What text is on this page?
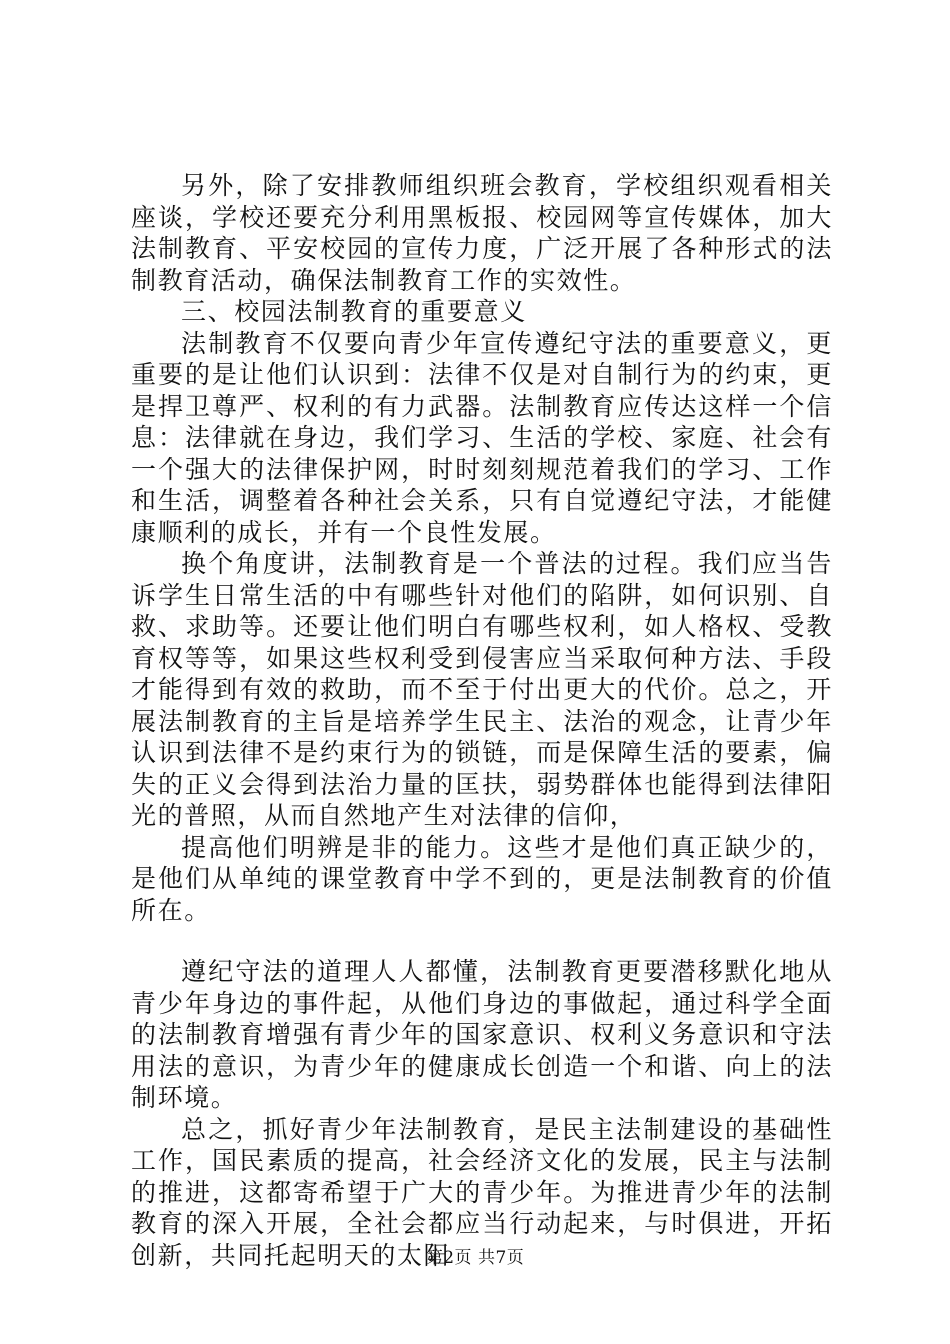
另外，除了安排教师组织班会教育，学校组织观看相关座谈，学校还要充分利用黑板报、校园网等宣传媒体，加大法制教育、平安校园的宣传力度，广泛开展了各种形式的法制教育活动，确保法制教育工作的实效性。

三、校园法制教育的重要意义

法制教育不仅要向青少年宣传遵纪守法的重要意义，更重要的是让他们认识到：法律不仅是对自制行为的约束，更是捍卫尊严、权利的有力武器。法制教育应传达这样一个信息：法律就在身边，我们学习、生活的学校、家庭、社会有一个强大的法律保护网，时时刻刻规范着我们的学习、工作和生活，调整着各种社会关系，只有自觉遵纪守法，才能健康顺利的成长，并有一个良性发展。

换个角度讲，法制教育是一个普法的过程。我们应当告诉学生日常生活的中有哪些针对他们的陷阱，如何识别、自救、求助等。还要让他们明白有哪些权利，如人格权、受教育权等等，如果这些权利受到侵害应当采取何种方法、手段才能得到有效的救助，而不至于付出更大的代价。总之，开展法制教育的主旨是培养学生民主、法治的观念，让青少年认识到法律不是约束行为的锁链，而是保障生活的要素，偏失的正义会得到法治力量的匡扶，弱势群体也能得到法律阳光的普照，从而自然地产生对法律的信仰，

提高他们明辨是非的能力。这些才是他们真正缺少的，是他们从单纯的课堂教育中学不到的，更是法制教育的价值所在。

遵纪守法的道理人人都懂，法制教育更要潜移默化地从青少年身边的事件起，从他们身边的事做起，通过科学全面的法制教育增强有青少年的国家意识、权利义务意识和守法用法的意识，为青少年的健康成长创造一个和谐、向上的法制环境。

总之，抓好青少年法制教育，是民主法制建设的基础性工作，国民素质的提高，社会经济文化的发展，民主与法制的推进，这都寄希望于广大的青少年。为推进青少年的法制教育的深入开展，全社会都应当行动起来，与时俱进，开拓创新，共同托起明天的太阳

第2页 共7页
